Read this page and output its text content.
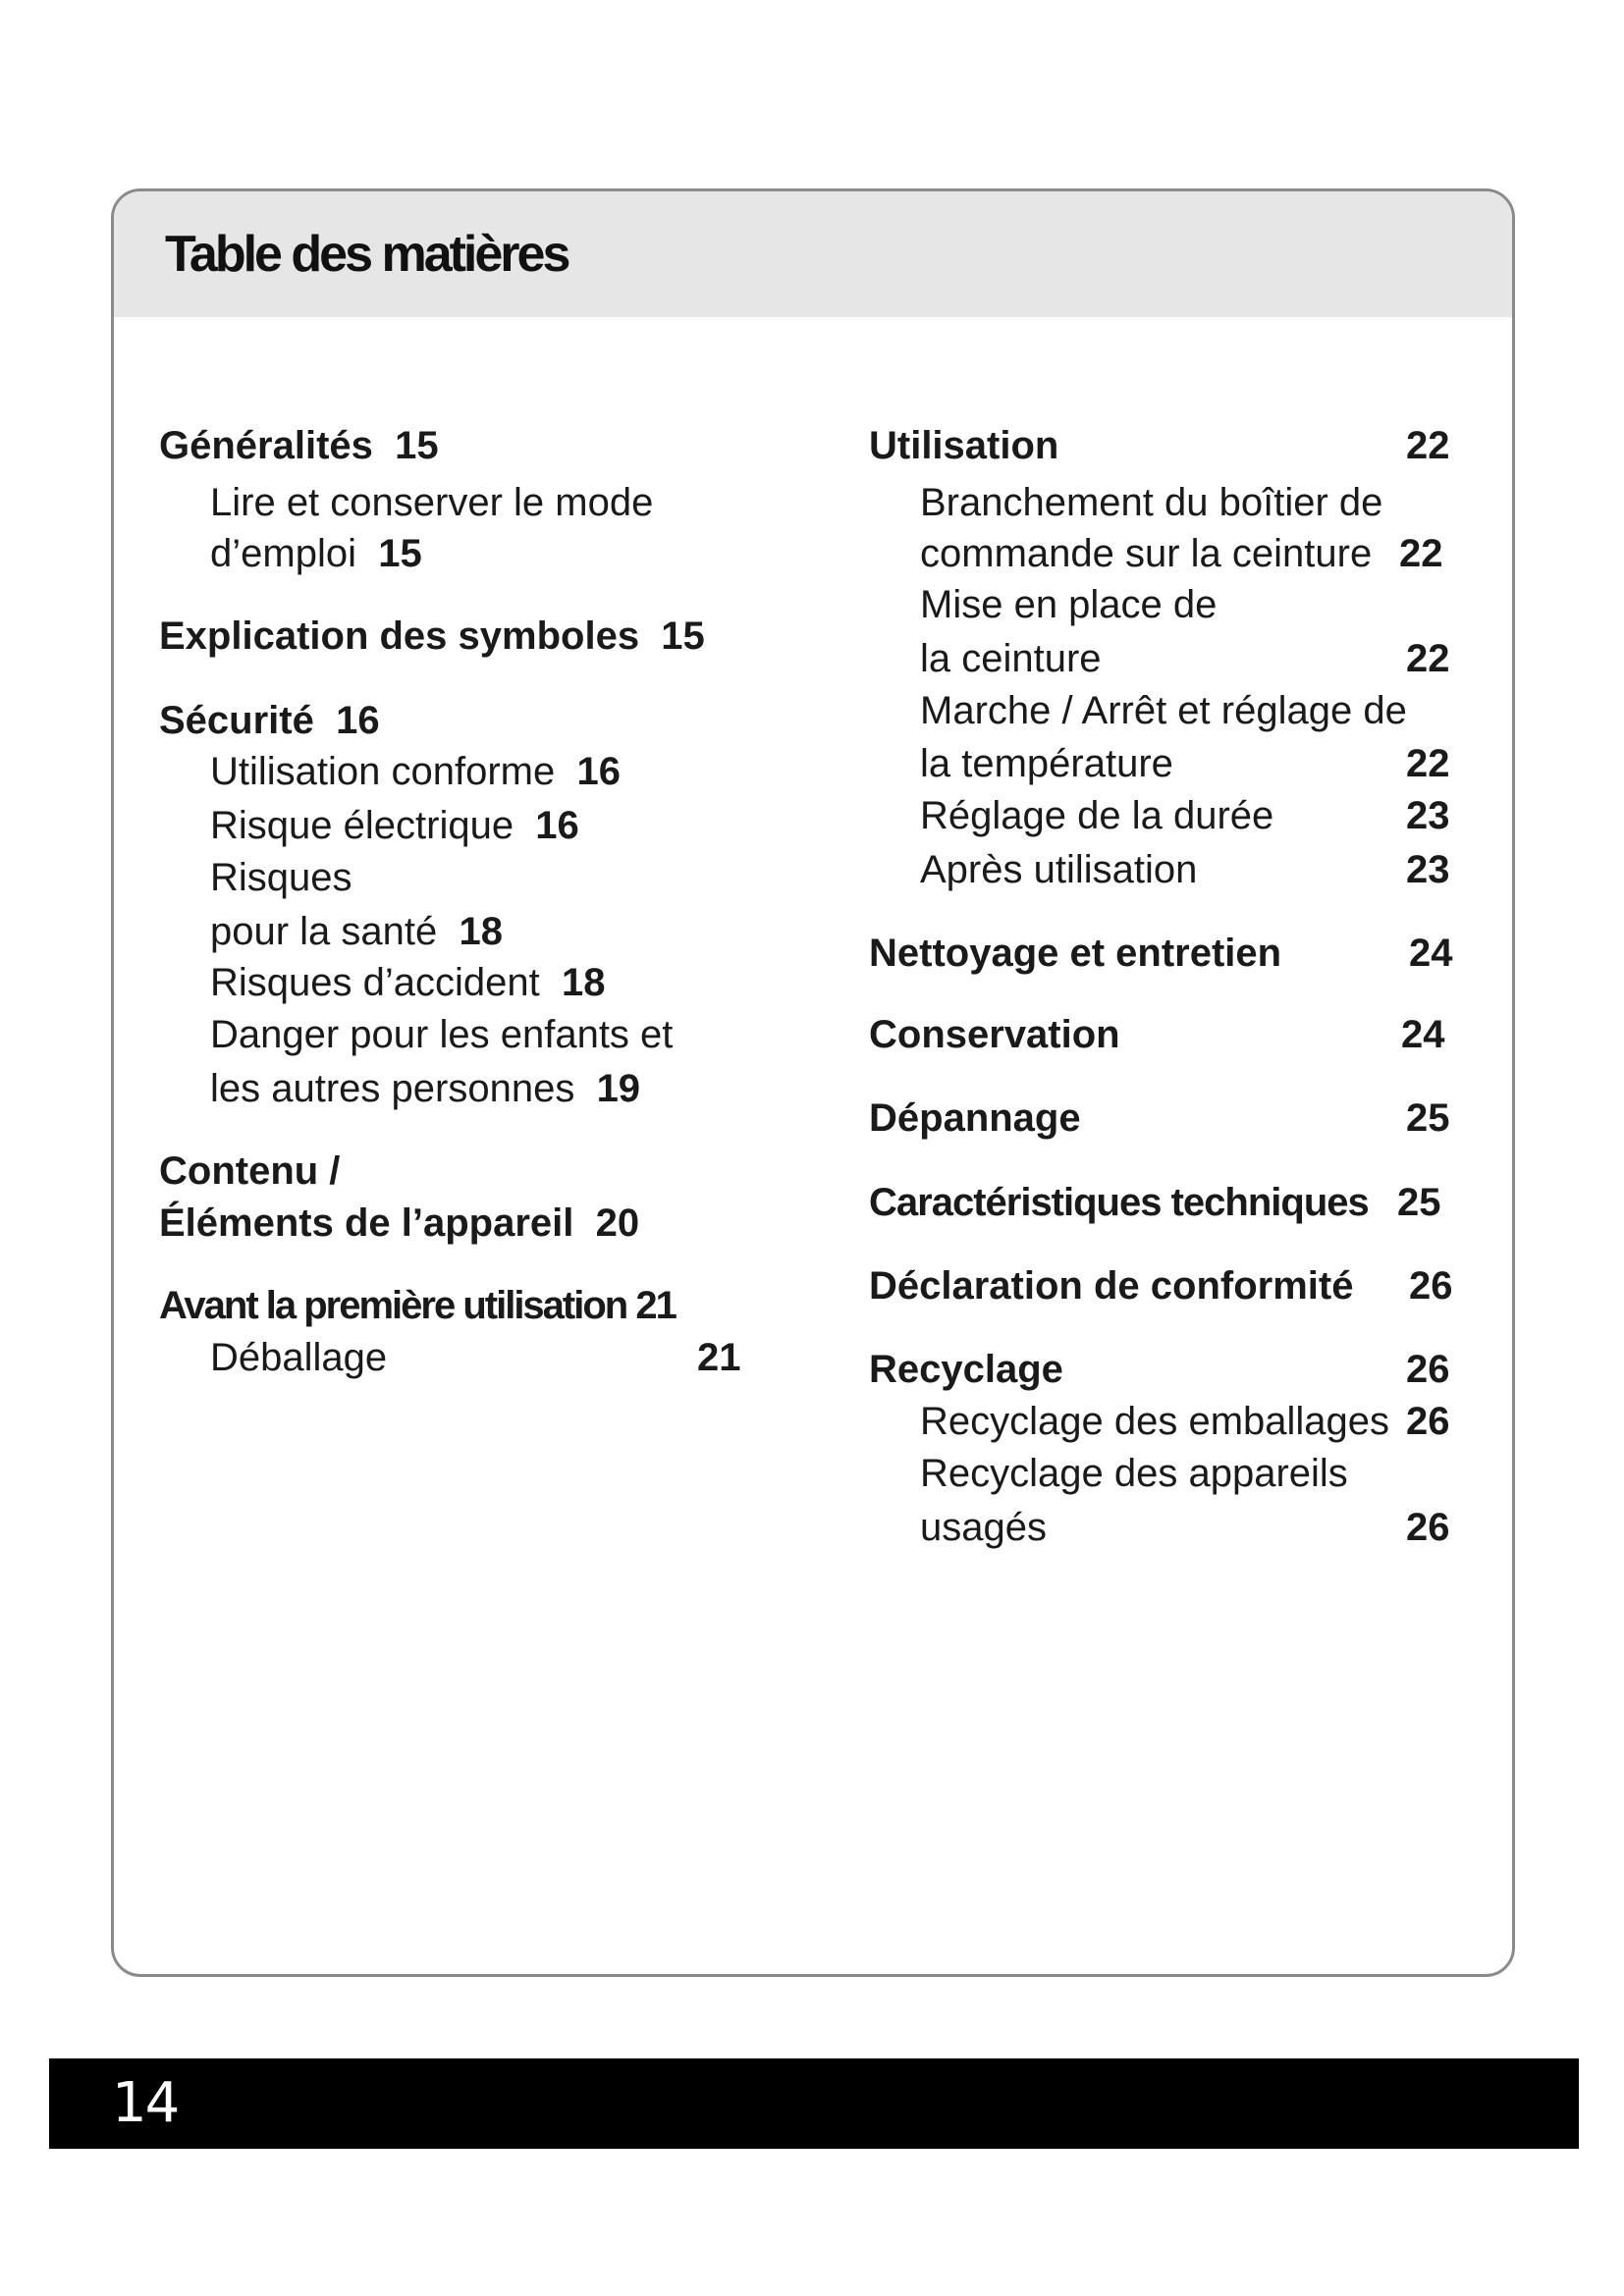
Table des matières
Généralités 15
Lire et conserver le mode
d’emploi 15
Explication des symboles 15
Sécurité 16
Utilisation conforme 16
Risque électrique 16
Risques
pour la santé 18
Risques d’accident 18
Danger pour les enfants et
les autres personnes 19
Contenu /
Éléments de l’appareil 20
Avant la première utilisation 21
Déballage	21
Utilisation	22
Branchement du boîtier de
commande sur la ceinture 22
Mise en place de
la ceinture	22
Marche / Arrêt et réglage de
la température	22
Réglage de la durée	23
Après utilisation	23
Nettoyage et entretien	24
Conservation	24
Dépannage	25
Caractéristiques techniques 25
Déclaration de conformité 26
Recyclage	26
Recyclage des emballages 26
Recyclage des appareils
usagés	26
14
